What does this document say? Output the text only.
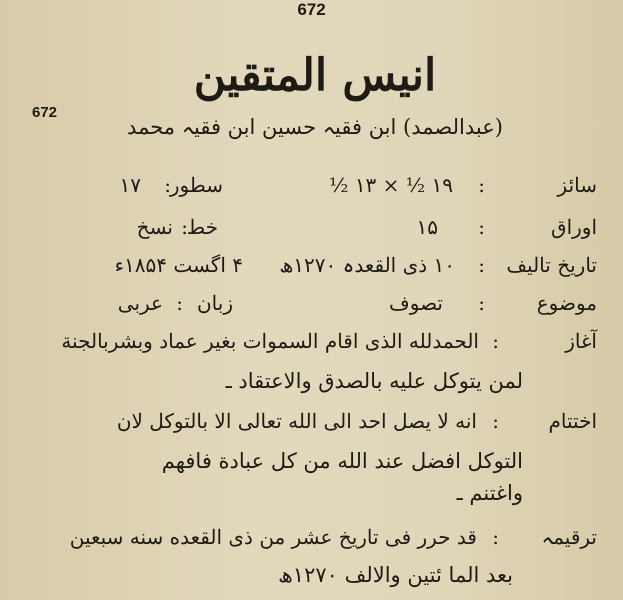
672
672
انیس المتقین
(عبدالصمد) ابن فقیہ حسین ابن فقیہ محمد
سائز
:
۱۹ ½ × ۱۳ ½
سطور
:
۱۷
اوراق
:
۱۵
خط
:
نسخ
تاریخ تالیف
:
۱۰ ذی القعدہ ۱۲۷۰ھ
۴ اگست ۱۸۵۴ء
موضوع
:
تصوف
زبان
:
عربی
آغاز
:
الحمدلله الذی اقام السموات بغیر عماد وبشربالجنة
لمن یتوکل علیه بالصدق والاعتقاد ـ
اختتام
:
انه لا یصل احد الی الله تعالی الا بالتوکل لان
التوکل افضل عند الله من کل عبادة فافهم
واغتنم ـ
ترقیمہ
:
قد حرر فی تاریخ عشر من ذی القعده سنه سبعین
بعد الما ئتین والالف ۱۲۷۰ھ
